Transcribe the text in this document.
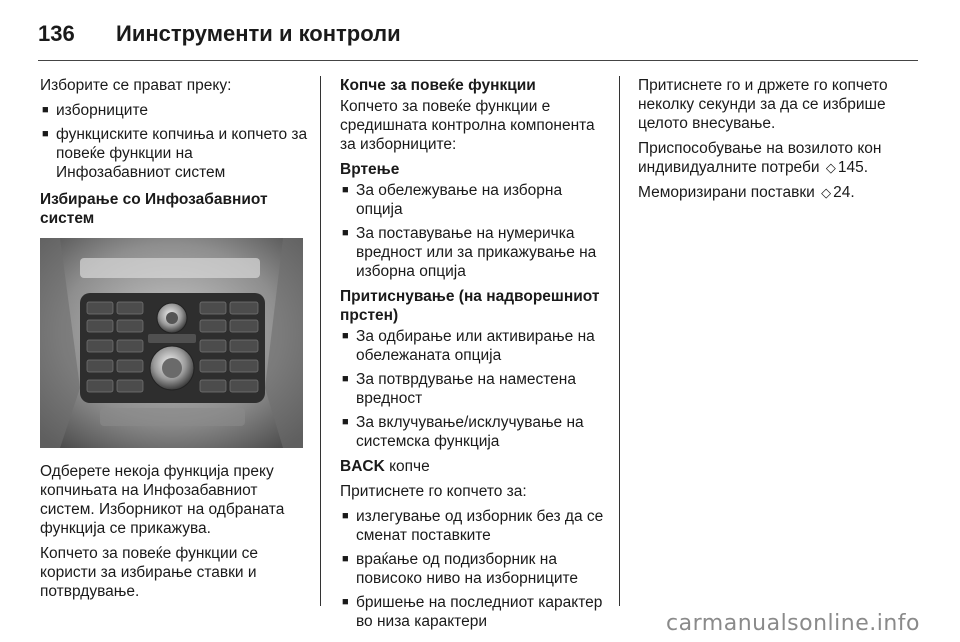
136	Иинструменти и контроли

Изборите се прават преку:

■ изборниците
■ функциските копчиња и копчето за повеќе функции на Инфозабавниот систем

Избирање со Инфозабавниот систем

Одберете некоја функција преку копчињата на Инфозабавниот систем. Изборникот на одбраната функција се прикажува.

Копчето за повеќе функции се користи за избирање ставки и потврдување.

Копче за повеќе функции

Копчето за повеќе функции е средишната контролна компонента за изборниците:

Вртење

■ За обележување на изборна опција
■ За поставување на нумеричка вредност или за прикажување на изборна опција

Притиснување (на надворешниот прстен)

■ За одбирање или активирање на обележаната опција
■ За потврдување на наместена вредност
■ За вклучување/исклучување на системска функција

BACK копче

Притиснете го копчето за:

■ излегување од изборник без да се сменат поставките
■ враќање од подизборник на повисоко ниво на изборниците
■ бришење на последниот карактер во низа карактери

Притиснете го и држете го копчето неколку секунди за да се избрише целото внесување.

Приспособување на возилото кон индивидуалните потреби ◇ 145.

Меморизирани поставки ◇ 24.

carmanualsonline.info
